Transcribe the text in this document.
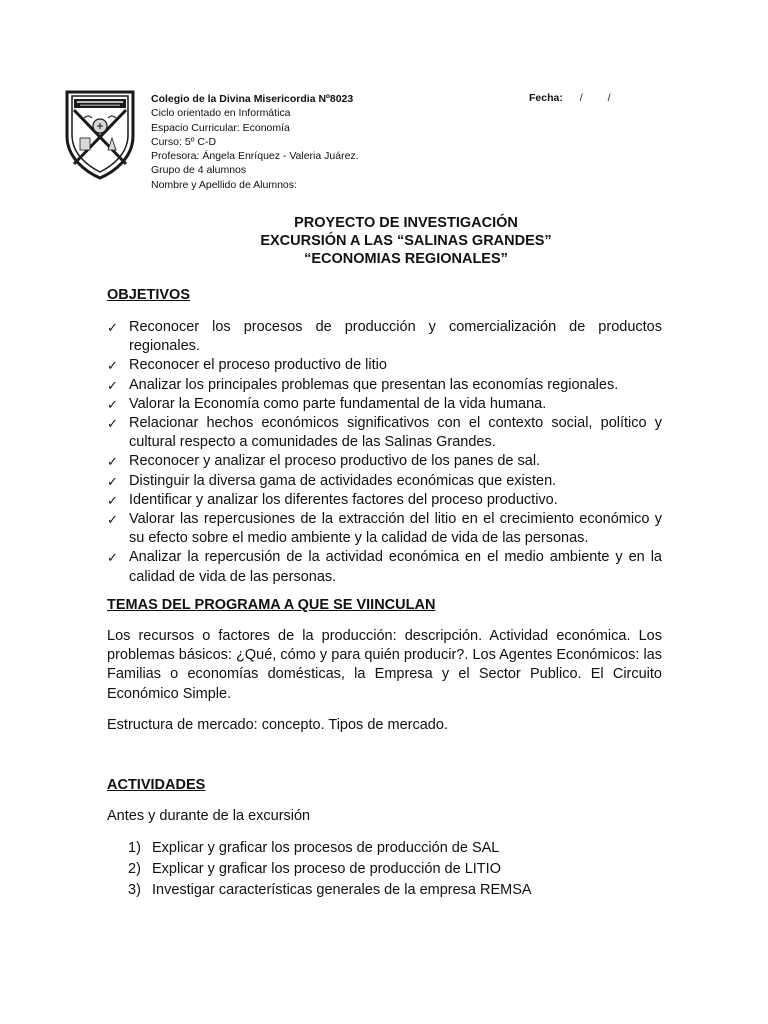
Colegio de la Divina Misericordia Nº8023
Ciclo orientado en Informática
Espacio Curricular: Economía
Curso: 5º C-D
Profesora: Ángela Enríquez - Valeria Juárez.
Grupo de 4 alumnos
Nombre y Apellido de Alumnos:
Fecha: / /
PROYECTO DE INVESTIGACIÓN
EXCURSIÓN A LAS “SALINAS GRANDES”
“ECONOMIAS REGIONALES”
OBJETIVOS
✓ Reconocer los procesos de producción y comercialización de productos regionales.
✓ Reconocer el proceso productivo de litio
✓ Analizar los principales problemas que presentan las economías regionales.
✓ Valorar la Economía como parte fundamental de la vida humana.
✓ Relacionar hechos económicos significativos con el contexto social, político y cultural respecto a comunidades de las Salinas Grandes.
✓ Reconocer y analizar el proceso productivo de los panes de sal.
✓ Distinguir la diversa gama de actividades económicas que existen.
✓ Identificar y analizar los diferentes factores del proceso productivo.
✓ Valorar las repercusiones de la extracción del litio en el crecimiento económico y su efecto sobre el medio ambiente y la calidad de vida de las personas.
✓ Analizar la repercusión de la actividad económica en el medio ambiente y en la calidad de vida de las personas.
TEMAS DEL PROGRAMA A QUE SE VIINCULAN

Los recursos o factores de la producción: descripción. Actividad económica. Los problemas básicos: ¿Qué, cómo y para quién producir?. Los Agentes Económicos: las Familias o economías domésticas, la Empresa y el Sector Publico. El Circuito Económico Simple.

Estructura de mercado: concepto. Tipos de mercado.

ACTIVIDADES

Antes y durante de la excursión

1) Explicar y graficar los procesos de producción de SAL
2) Explicar y graficar los proceso de producción de LITIO
3) Investigar características generales de la empresa REMSA
